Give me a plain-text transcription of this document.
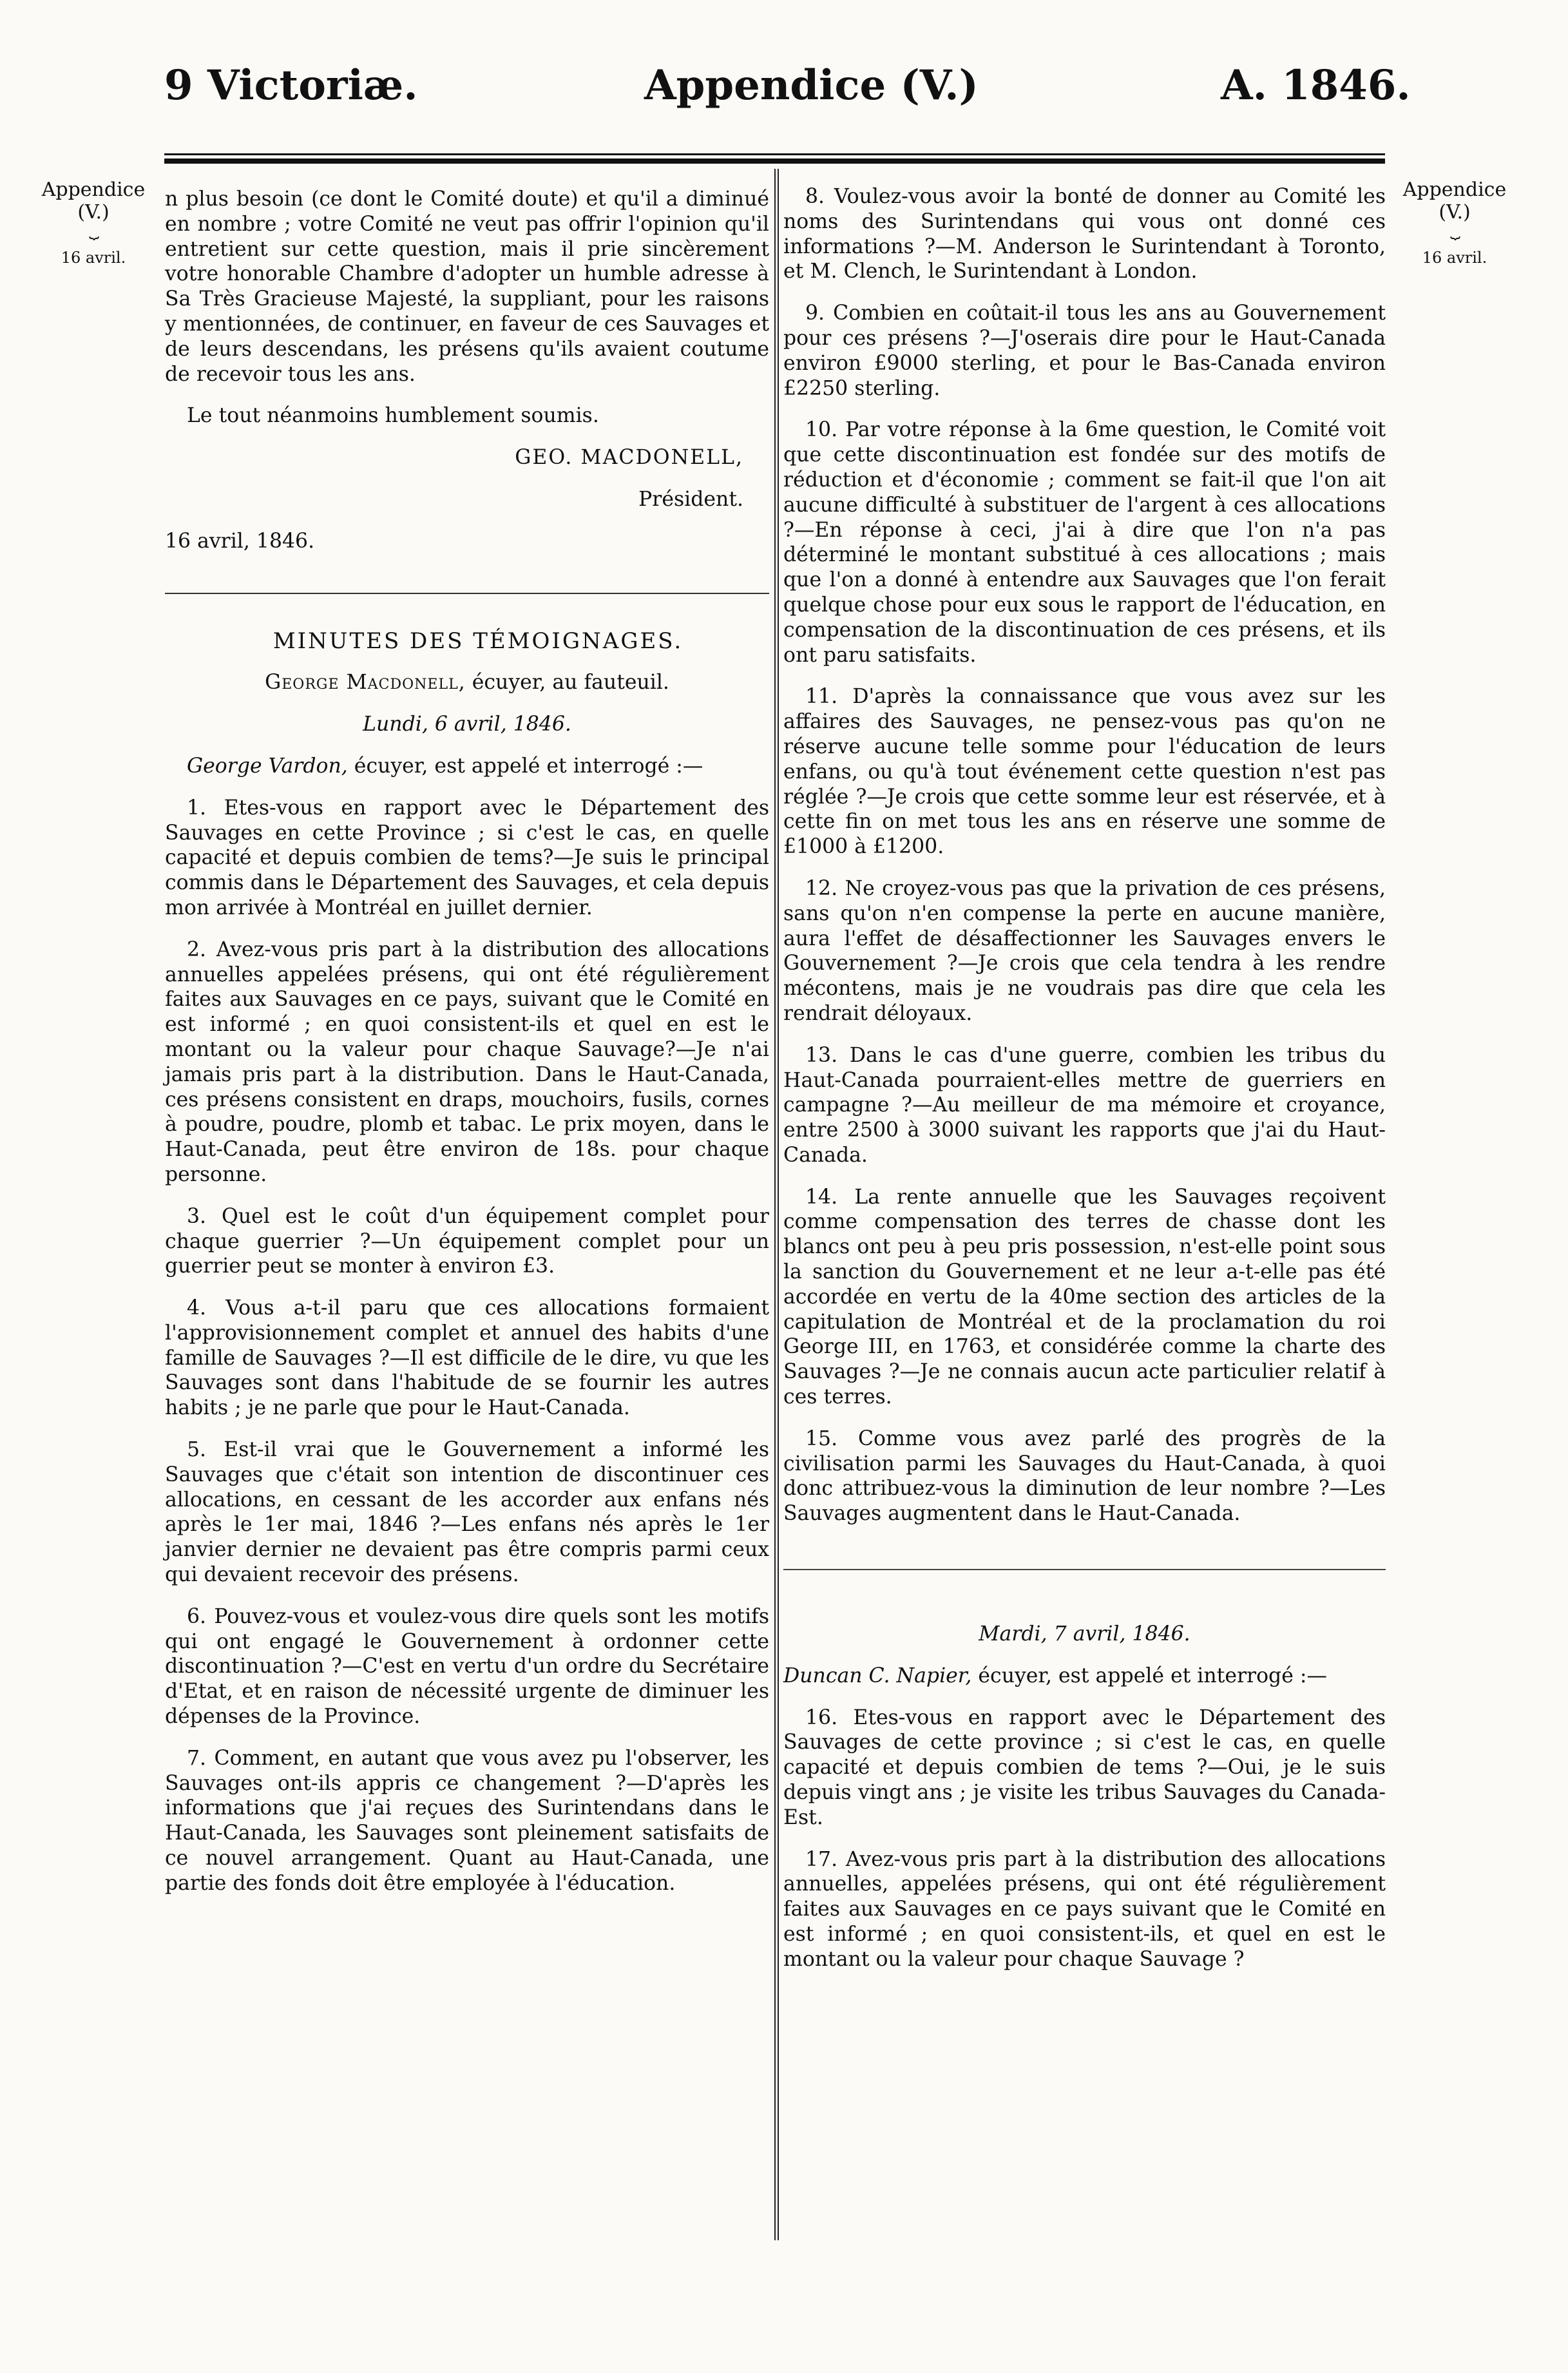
9 Victoriæ.	Appendice (V.)	A. 1846.
Appendice
(V.)
⏟
16 avril.
Appendice
(V.)
⏟
16 avril.

n plus besoin (ce dont le Comité doute) et qu'il a diminué en nombre ; votre Comité ne veut pas offrir l'opinion qu'il entretient sur cette question, mais il prie sincèrement votre honorable Chambre d'adopter un humble adresse à Sa Très Gracieuse Majesté, la suppliant, pour les raisons y mentionnées, de continuer, en faveur de ces Sauvages et de leurs descendans, les présens qu'ils avaient coutume de recevoir tous les ans.

Le tout néanmoins humblement soumis.

GEO. MACDONELL,

Président.

16 avril, 1846.

MINUTES DES TÉMOIGNAGES.

George Macdonell, écuyer, au fauteuil.

Lundi, 6 avril, 1846.

George Vardon, écuyer, est appelé et interrogé :—

1. Etes-vous en rapport avec le Département des Sauvages en cette Province ; si c'est le cas, en quelle capacité et depuis combien de tems?—Je suis le principal commis dans le Département des Sauvages, et cela depuis mon arrivée à Montréal en juillet dernier.

2. Avez-vous pris part à la distribution des allocations annuelles appelées présens, qui ont été régulièrement faites aux Sauvages en ce pays, suivant que le Comité en est informé ; en quoi consistent-ils et quel en est le montant ou la valeur pour chaque Sauvage?—Je n'ai jamais pris part à la distribution. Dans le Haut-Canada, ces présens consistent en draps, mouchoirs, fusils, cornes à poudre, poudre, plomb et tabac. Le prix moyen, dans le Haut-Canada, peut être environ de 18s. pour chaque personne.

3. Quel est le coût d'un équipement complet pour chaque guerrier ?—Un équipement complet pour un guerrier peut se monter à environ £3.

4. Vous a-t-il paru que ces allocations formaient l'approvisionnement complet et annuel des habits d'une famille de Sauvages ?—Il est difficile de le dire, vu que les Sauvages sont dans l'habitude de se fournir les autres habits ; je ne parle que pour le Haut-Canada.

5. Est-il vrai que le Gouvernement a informé les Sauvages que c'était son intention de discontinuer ces allocations, en cessant de les accorder aux enfans nés après le 1er mai, 1846 ?—Les enfans nés après le 1er janvier dernier ne devaient pas être compris parmi ceux qui devaient recevoir des présens.

6. Pouvez-vous et voulez-vous dire quels sont les motifs qui ont engagé le Gouvernement à ordonner cette discontinuation ?—C'est en vertu d'un ordre du Secrétaire d'Etat, et en raison de nécessité urgente de diminuer les dépenses de la Province.

7. Comment, en autant que vous avez pu l'observer, les Sauvages ont-ils appris ce changement ?—D'après les informations que j'ai reçues des Surintendans dans le Haut-Canada, les Sauvages sont pleinement satisfaits de ce nouvel arrangement. Quant au Haut-Canada, une partie des fonds doit être employée à l'éducation.

8. Voulez-vous avoir la bonté de donner au Comité les noms des Surintendans qui vous ont donné ces informations ?—M. Anderson le Surintendant à Toronto, et M. Clench, le Surintendant à London.

9. Combien en coûtait-il tous les ans au Gouvernement pour ces présens ?—J'oserais dire pour le Haut-Canada environ £9000 sterling, et pour le Bas-Canada environ £2250 sterling.

10. Par votre réponse à la 6me question, le Comité voit que cette discontinuation est fondée sur des motifs de réduction et d'économie ; comment se fait-il que l'on ait aucune difficulté à substituer de l'argent à ces allocations ?—En réponse à ceci, j'ai à dire que l'on n'a pas déterminé le montant substitué à ces allocations ; mais que l'on a donné à entendre aux Sauvages que l'on ferait quelque chose pour eux sous le rapport de l'éducation, en compensation de la discontinuation de ces présens, et ils ont paru satisfaits.

11. D'après la connaissance que vous avez sur les affaires des Sauvages, ne pensez-vous pas qu'on ne réserve aucune telle somme pour l'éducation de leurs enfans, ou qu'à tout événement cette question n'est pas réglée ?—Je crois que cette somme leur est réservée, et à cette fin on met tous les ans en réserve une somme de £1000 à £1200.

12. Ne croyez-vous pas que la privation de ces présens, sans qu'on n'en compense la perte en aucune manière, aura l'effet de désaffectionner les Sauvages envers le Gouvernement ?—Je crois que cela tendra à les rendre mécontens, mais je ne voudrais pas dire que cela les rendrait déloyaux.

13. Dans le cas d'une guerre, combien les tribus du Haut-Canada pourraient-elles mettre de guerriers en campagne ?—Au meilleur de ma mémoire et croyance, entre 2500 à 3000 suivant les rapports que j'ai du Haut-Canada.

14. La rente annuelle que les Sauvages reçoivent comme compensation des terres de chasse dont les blancs ont peu à peu pris possession, n'est-elle point sous la sanction du Gouvernement et ne leur a-t-elle pas été accordée en vertu de la 40me section des articles de la capitulation de Montréal et de la proclamation du roi George III, en 1763, et considérée comme la charte des Sauvages ?—Je ne connais aucun acte particulier relatif à ces terres.

15. Comme vous avez parlé des progrès de la civilisation parmi les Sauvages du Haut-Canada, à quoi donc attribuez-vous la diminution de leur nombre ?—Les Sauvages augmentent dans le Haut-Canada.

Mardi, 7 avril, 1846.

Duncan C. Napier, écuyer, est appelé et interrogé :—

16. Etes-vous en rapport avec le Département des Sauvages de cette province ; si c'est le cas, en quelle capacité et depuis combien de tems ?—Oui, je le suis depuis vingt ans ; je visite les tribus Sauvages du Canada-Est.

17. Avez-vous pris part à la distribution des allocations annuelles, appelées présens, qui ont été régulièrement faites aux Sauvages en ce pays suivant que le Comité en est informé ; en quoi consistent-ils, et quel en est le montant ou la valeur pour chaque Sauvage ?
